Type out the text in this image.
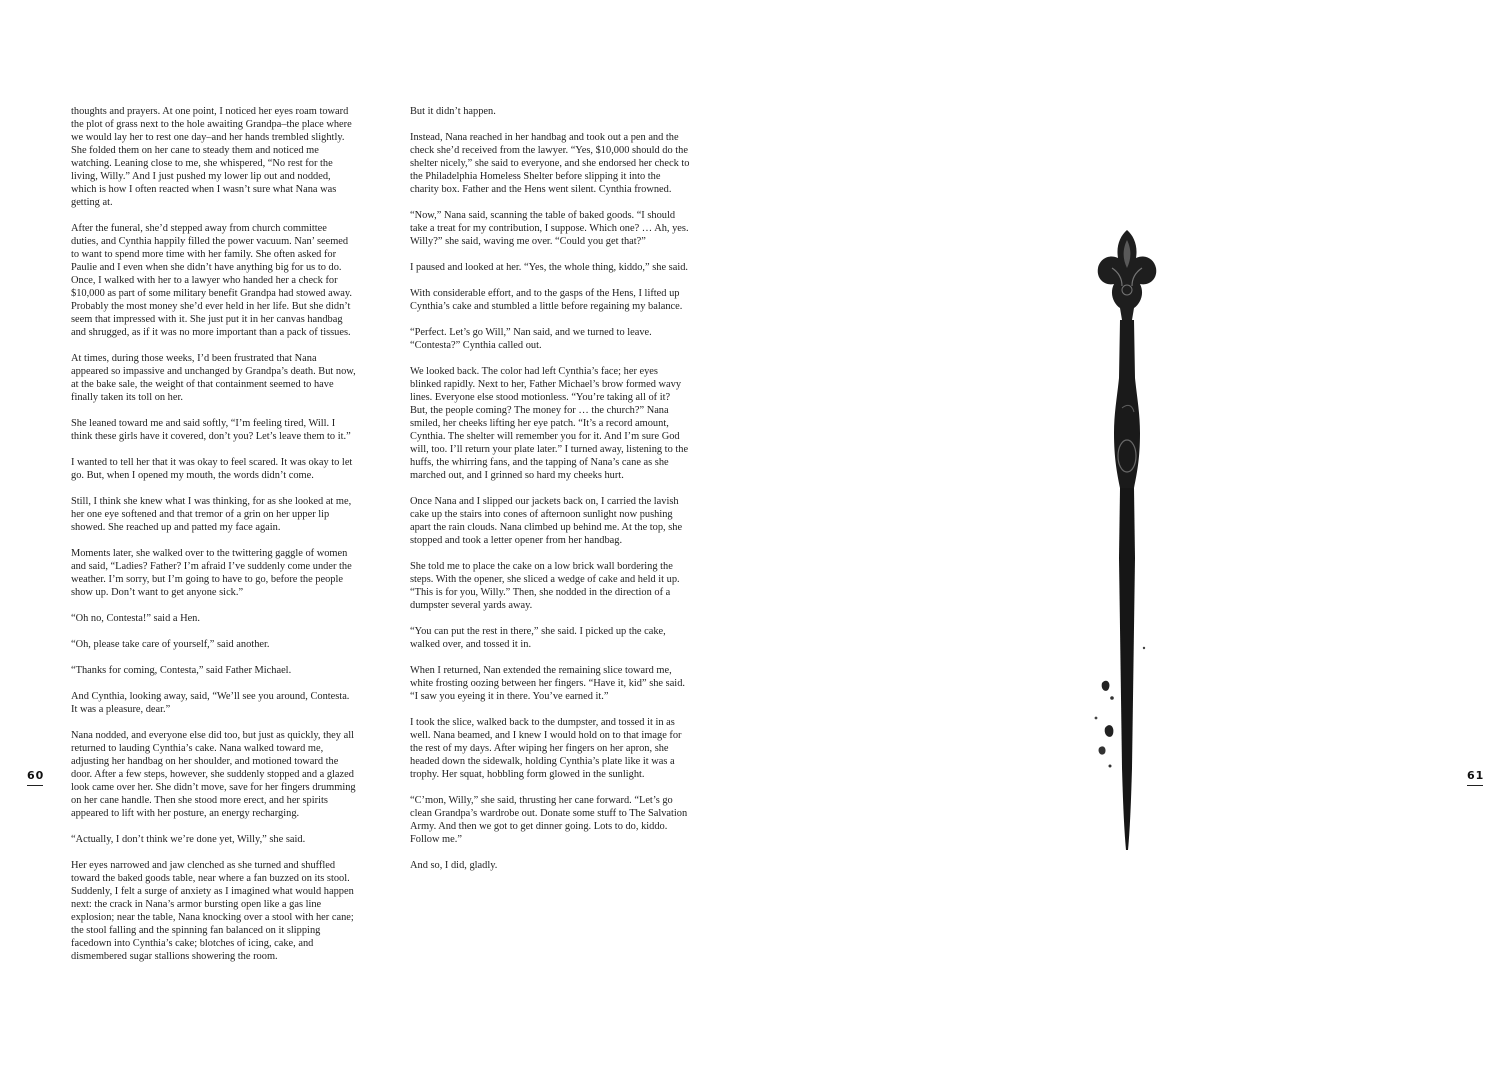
thoughts and prayers. At one point, I noticed her eyes roam toward the plot of grass next to the hole awaiting Grandpa–the place where we would lay her to rest one day–and her hands trembled slightly. She folded them on her cane to steady them and noticed me watching. Leaning close to me, she whispered, “No rest for the living, Willy.” And I just pushed my lower lip out and nodded, which is how I often reacted when I wasn’t sure what Nana was getting at.

After the funeral, she’d stepped away from church committee duties, and Cynthia happily filled the power vacuum. Nan’ seemed to want to spend more time with her family. She often asked for Paulie and I even when she didn’t have anything big for us to do. Once, I walked with her to a lawyer who handed her a check for $10,000 as part of some military benefit Grandpa had stowed away. Probably the most money she’d ever held in her life. But she didn’t seem that impressed with it. She just put it in her canvas handbag and shrugged, as if it was no more important than a pack of tissues.

At times, during those weeks, I’d been frustrated that Nana appeared so impassive and unchanged by Grandpa’s death. But now, at the bake sale, the weight of that containment seemed to have finally taken its toll on her.

She leaned toward me and said softly, “I’m feeling tired, Will. I think these girls have it covered, don’t you? Let’s leave them to it.”

I wanted to tell her that it was okay to feel scared. It was okay to let go. But, when I opened my mouth, the words didn’t come.

Still, I think she knew what I was thinking, for as she looked at me, her one eye softened and that tremor of a grin on her upper lip showed. She reached up and patted my face again.

Moments later, she walked over to the twittering gaggle of women and said, “Ladies? Father? I’m afraid I’ve suddenly come under the weather. I’m sorry, but I’m going to have to go, before the people show up. Don’t want to get anyone sick.”

“Oh no, Contesta!” said a Hen.

“Oh, please take care of yourself,” said another.

“Thanks for coming, Contesta,” said Father Michael.

And Cynthia, looking away, said, “We’ll see you around, Contesta. It was a pleasure, dear.”

Nana nodded, and everyone else did too, but just as quickly, they all returned to lauding Cynthia’s cake. Nana walked toward me, adjusting her handbag on her shoulder, and motioned toward the door. After a few steps, however, she suddenly stopped and a glazed look came over her. She didn’t move, save for her fingers drumming on her cane handle. Then she stood more erect, and her spirits appeared to lift with her posture, an energy recharging.

“Actually, I don’t think we’re done yet, Willy,” she said.

Her eyes narrowed and jaw clenched as she turned and shuffled toward the baked goods table, near where a fan buzzed on its stool. Suddenly, I felt a surge of anxiety as I imagined what would happen next: the crack in Nana’s armor bursting open like a gas line explosion; near the table, Nana knocking over a stool with her cane; the stool falling and the spinning fan balanced on it slipping facedown into Cynthia’s cake; blotches of icing, cake, and dismembered sugar stallions showering the room.

But it didn’t happen.

Instead, Nana reached in her handbag and took out a pen and the check she’d received from the lawyer. “Yes, $10,000 should do the shelter nicely,” she said to everyone, and she endorsed her check to the Philadelphia Homeless Shelter before slipping it into the charity box. Father and the Hens went silent. Cynthia frowned.

“Now,” Nana said, scanning the table of baked goods. “I should take a treat for my contribution, I suppose. Which one? … Ah, yes. Willy?” she said, waving me over. “Could you get that?”

I paused and looked at her. “Yes, the whole thing, kiddo,” she said.

With considerable effort, and to the gasps of the Hens, I lifted up Cynthia’s cake and stumbled a little before regaining my balance.

“Perfect. Let’s go Will,” Nan said, and we turned to leave. “Contesta?” Cynthia called out.

We looked back. The color had left Cynthia’s face; her eyes blinked rapidly. Next to her, Father Michael’s brow formed wavy lines. Everyone else stood motionless. “You’re taking all of it? But, the people coming? The money for … the church?” Nana smiled, her cheeks lifting her eye patch. “It’s a record amount, Cynthia. The shelter will remember you for it. And I’m sure God will, too. I’ll return your plate later.” I turned away, listening to the huffs, the whirring fans, and the tapping of Nana’s cane as she marched out, and I grinned so hard my cheeks hurt.

Once Nana and I slipped our jackets back on, I carried the lavish cake up the stairs into cones of afternoon sunlight now pushing apart the rain clouds. Nana climbed up behind me. At the top, she stopped and took a letter opener from her handbag.

She told me to place the cake on a low brick wall bordering the steps. With the opener, she sliced a wedge of cake and held it up. “This is for you, Willy.” Then, she nodded in the direction of a dumpster several yards away.

“You can put the rest in there,” she said. I picked up the cake, walked over, and tossed it in.

When I returned, Nan extended the remaining slice toward me, white frosting oozing between her fingers. “Have it, kid” she said. “I saw you eyeing it in there. You’ve earned it.”

I took the slice, walked back to the dumpster, and tossed it in as well. Nana beamed, and I knew I would hold on to that image for the rest of my days. After wiping her fingers on her apron, she headed down the sidewalk, holding Cynthia’s plate like it was a trophy. Her squat, hobbling form glowed in the sunlight.

“C’mon, Willy,” she said, thrusting her cane forward. “Let’s go clean Grandpa’s wardrobe out. Donate some stuff to The Salvation Army. And then we got to get dinner going. Lots to do, kiddo. Follow me.”

And so, I did, gladly.

60	61
